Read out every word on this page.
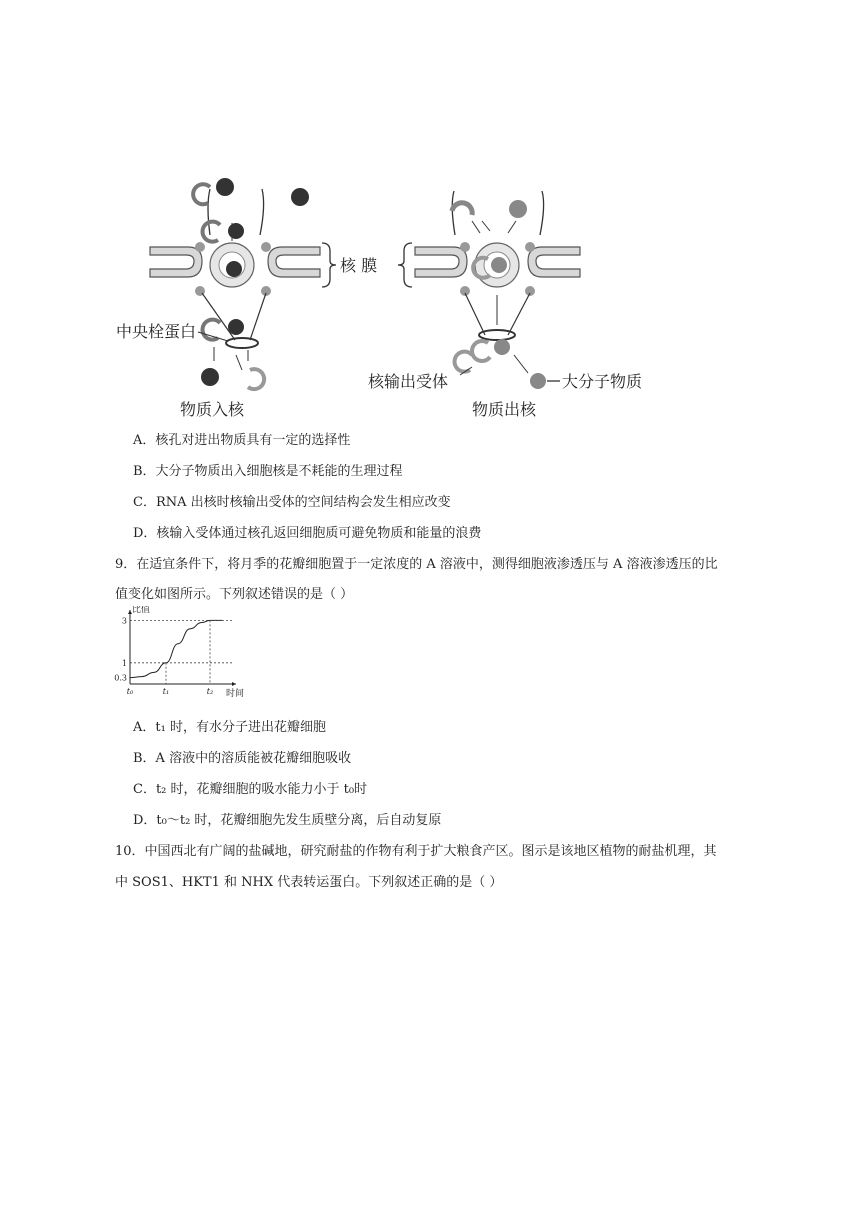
中央栓蛋白
物质入核
核 膜
核输出受体	大分子物质
物质出核
A．核孔对进出物质具有一定的选择性
B．大分子物质出入细胞核是不耗能的生理过程
C．RNA 出核时核输出受体的空间结构会发生相应改变
D．核输入受体通过核孔返回细胞质可避免物质和能量的浪费
9．在适宜条件下，将月季的花瓣细胞置于一定浓度的 A 溶液中，测得细胞液渗透压与 A 溶液渗透压的比
值变化如图所示。下列叙述错误的是（ ）
3
1
0.3
t₀	t₁	t₂
比值
时间
A．t₁ 时，有水分子进出花瓣细胞
B．A 溶液中的溶质能被花瓣细胞吸收
C．t₂ 时，花瓣细胞的吸水能力小于 t₀时
D．t₀～t₂ 时，花瓣细胞先发生质壁分离，后自动复原
10．中国西北有广阔的盐碱地，研究耐盐的作物有利于扩大粮食产区。图示是该地区植物的耐盐机理，其
中 SOS1、HKT1 和 NHX 代表转运蛋白。下列叙述正确的是（ ）
